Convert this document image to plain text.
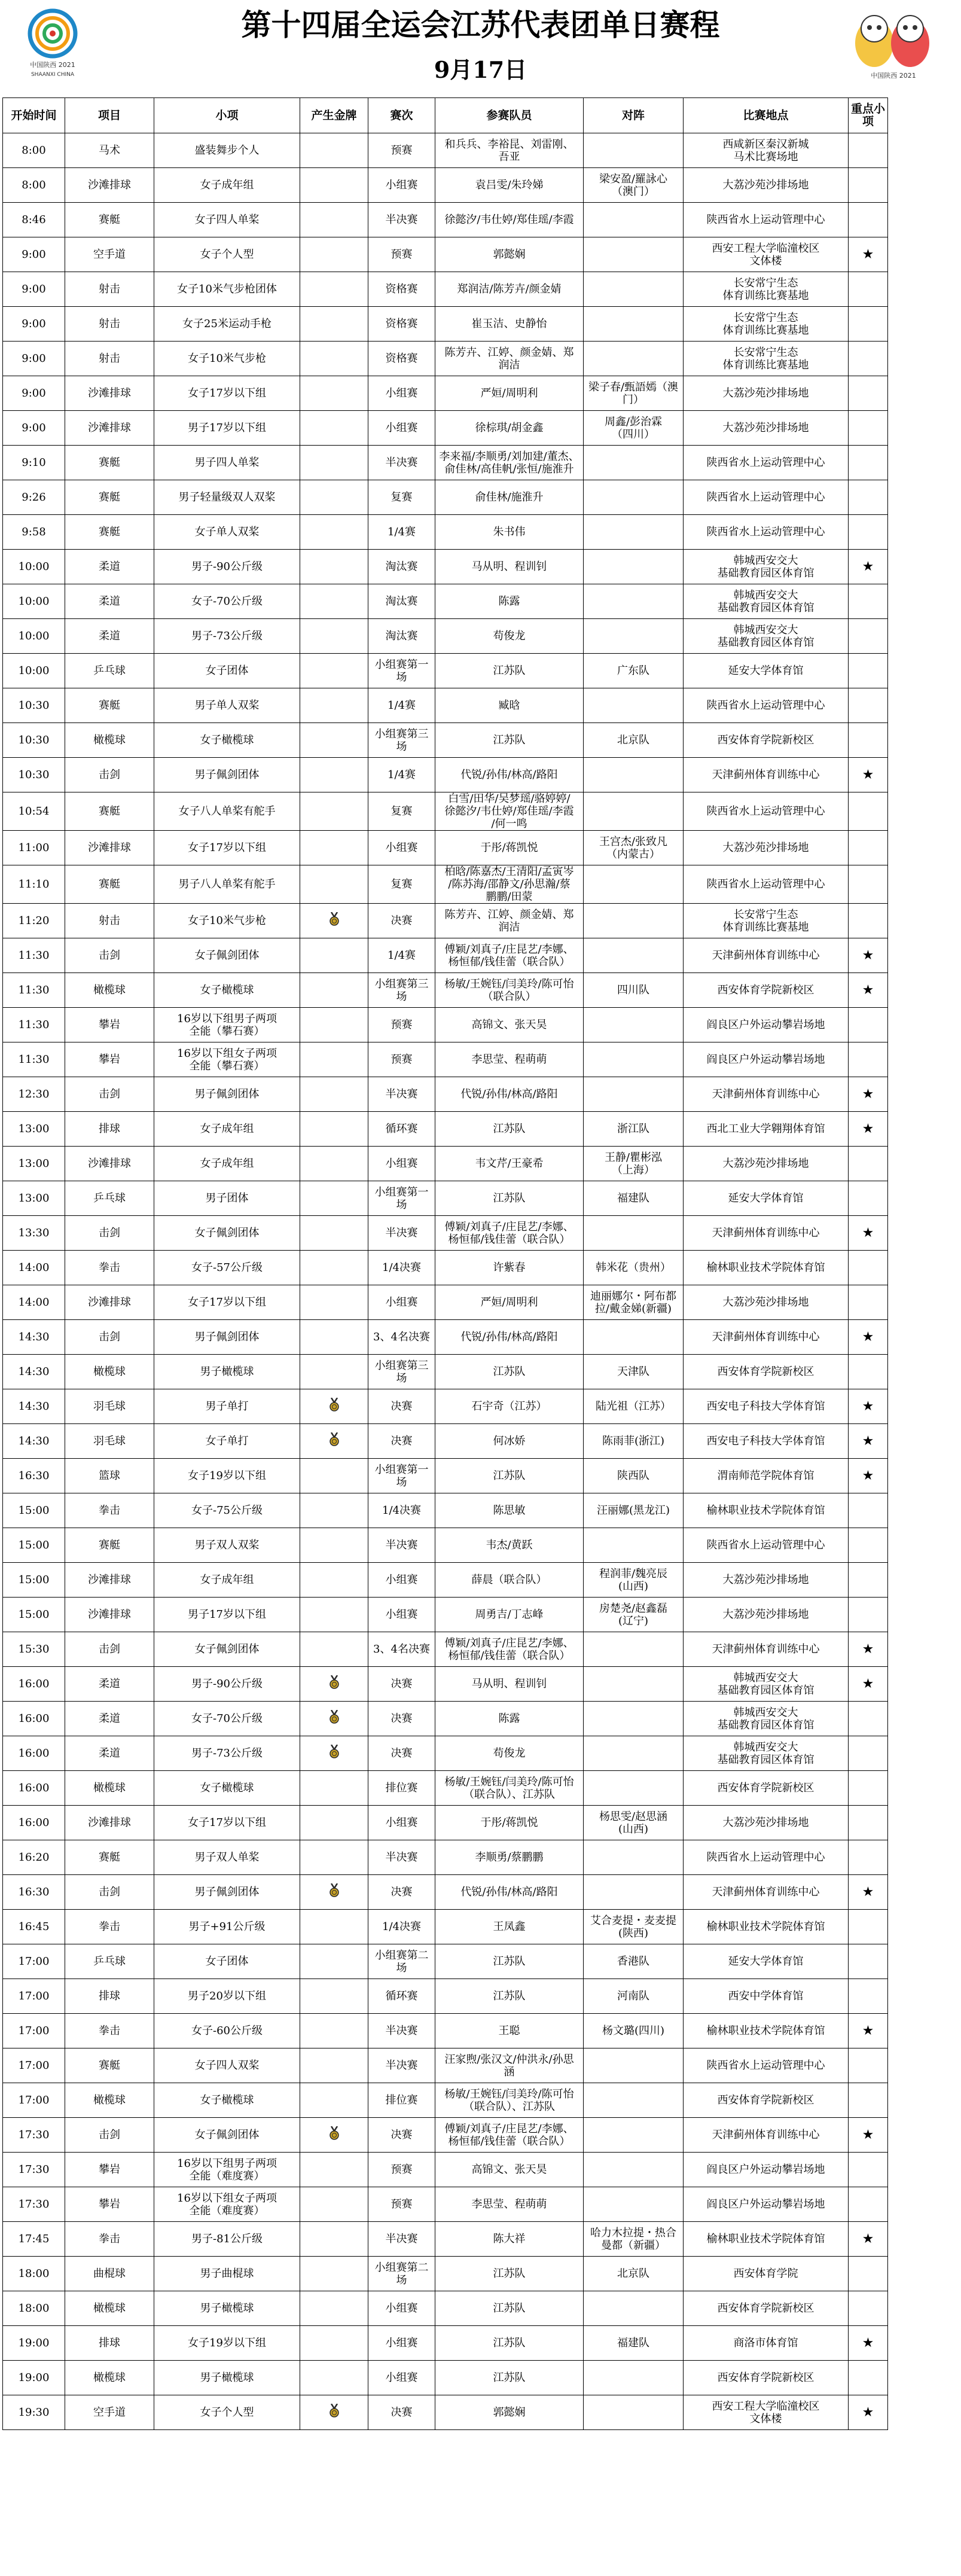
中国陕西 2021
SHAANXI CHINA
第十四届全运会江苏代表团单日赛程
9月17日	中国陕西 2021
开始时间	项目	小项	产生金牌	赛次	参赛队员	对阵	比赛地点	重点小项
8:00	马术	盛装舞步个人		预赛	和兵兵、李裕昆、刘雷刚、
吾亚		西咸新区秦汉新城
马术比赛场地	
8:00	沙滩排球	女子成年组		小组赛	袁吕雯/朱玲娣	梁安盈/羅詠心
（澳门）	大荔沙苑沙排场地	
8:46	赛艇	女子四人单桨		半决赛	徐懿汐/韦仕婷/郑佳瑶/李霞		陕西省水上运动管理中心	
9:00	空手道	女子个人型		预赛	郭懿娴		西安工程大学临潼校区
文体楼	★
9:00	射击	女子10米气步枪团体		资格赛	郑润洁/陈芳卉/颜金婧		长安常宁生态
体育训练比赛基地	
9:00	射击	女子25米运动手枪		资格赛	崔玉洁、史静怡		长安常宁生态
体育训练比赛基地	
9:00	射击	女子10米气步枪		资格赛	陈芳卉、江婷、颜金婧、郑
润洁		长安常宁生态
体育训练比赛基地	
9:00	沙滩排球	女子17岁以下组		小组赛	严姮/周明利	梁子春/甄語嫣（澳
门）	大荔沙苑沙排场地	
9:00	沙滩排球	男子17岁以下组		小组赛	徐棕琪/胡金鑫	周鑫/彭治霖
（四川）	大荔沙苑沙排场地	
9:10	赛艇	男子四人单桨		半决赛	李来福/李顺勇/刘加建/董杰、
俞佳林/高佳帆/张恒/施淮升		陕西省水上运动管理中心	
9:26	赛艇	男子轻量级双人双桨		复赛	俞佳林/施淮升		陕西省水上运动管理中心	
9:58	赛艇	女子单人双桨		1/4赛	朱书伟		陕西省水上运动管理中心	
10:00	柔道	男子-90公斤级		淘汰赛	马从明、程训钊		韩城西安交大
基础教育园区体育馆	★
10:00	柔道	女子-70公斤级		淘汰赛	陈露		韩城西安交大
基础教育园区体育馆	
10:00	柔道	男子-73公斤级		淘汰赛	苟俊龙		韩城西安交大
基础教育园区体育馆	
10:00	乒乓球	女子团体		小组赛第一场	江苏队	广东队	延安大学体育馆	
10:30	赛艇	男子单人双桨		1/4赛	臧晗		陕西省水上运动管理中心	
10:30	橄榄球	女子橄榄球		小组赛第三场	江苏队	北京队	西安体育学院新校区	
10:30	击剑	男子佩剑团体		1/4赛	代锐/孙伟/林高/路阳		天津蓟州体育训练中心	★
10:54	赛艇	女子八人单桨有舵手		复赛	白雪/田华/吴梦瑶/骆婷婷/
徐懿汐/韦仕婷/郑佳瑶/李霞
/何一鸣		陕西省水上运动管理中心	
11:00	沙滩排球	女子17岁以下组		小组赛	于彤/蒋凯悦	王宫杰/张致凡
（内蒙古）	大荔沙苑沙排场地	
11:10	赛艇	男子八人单桨有舵手		复赛	柏晗/陈嘉杰/王清阳/孟寅岑
/陈苏海/邵静文/孙思瀚/蔡
鹏鹏/田蒙		陕西省水上运动管理中心	
11:20	射击	女子10米气步枪		决赛	陈芳卉、江婷、颜金婧、郑
润洁		长安常宁生态
体育训练比赛基地	
11:30	击剑	女子佩剑团体		1/4赛	傅颖/刘真子/庄昆艺/李娜、
杨恒郁/钱佳蕾（联合队）		天津蓟州体育训练中心	★
11:30	橄榄球	女子橄榄球		小组赛第三场	杨敏/王婉钰/闫美玲/陈可怡
（联合队）	四川队	西安体育学院新校区	★
11:30	攀岩	16岁以下组男子两项
全能（攀石赛）		预赛	高锦文、张天昊		阎良区户外运动攀岩场地	
11:30	攀岩	16岁以下组女子两项
全能（攀石赛）		预赛	李思莹、程萌萌		阎良区户外运动攀岩场地	
12:30	击剑	男子佩剑团体		半决赛	代锐/孙伟/林高/路阳		天津蓟州体育训练中心	★
13:00	排球	女子成年组		循环赛	江苏队	浙江队	西北工业大学翱翔体育馆	★
13:00	沙滩排球	女子成年组		小组赛	韦文芹/王豪希	王静/瞿彬泓
（上海）	大荔沙苑沙排场地	
13:00	乒乓球	男子团体		小组赛第一场	江苏队	福建队	延安大学体育馆	
13:30	击剑	女子佩剑团体		半决赛	傅颖/刘真子/庄昆艺/李娜、
杨恒郁/钱佳蕾（联合队）		天津蓟州体育训练中心	★
14:00	拳击	女子-57公斤级		1/4决赛	许紫春	韩米花（贵州）	榆林职业技术学院体育馆	
14:00	沙滩排球	女子17岁以下组		小组赛	严姮/周明利	迪丽娜尔・阿布都
拉/戴金娣(新疆)	大荔沙苑沙排场地	
14:30	击剑	男子佩剑团体		3、4名决赛	代锐/孙伟/林高/路阳		天津蓟州体育训练中心	★
14:30	橄榄球	男子橄榄球		小组赛第三场	江苏队	天津队	西安体育学院新校区	
14:30	羽毛球	男子单打		决赛	石宇奇（江苏）	陆光祖（江苏）	西安电子科技大学体育馆	★
14:30	羽毛球	女子单打		决赛	何冰娇	陈雨菲(浙江)	西安电子科技大学体育馆	★
16:30	篮球	女子19岁以下组		小组赛第一场	江苏队	陕西队	渭南师范学院体育馆	★
15:00	拳击	女子-75公斤级		1/4决赛	陈思敏	汪丽娜(黑龙江)	榆林职业技术学院体育馆	
15:00	赛艇	男子双人双桨		半决赛	韦杰/黄跃		陕西省水上运动管理中心	
15:00	沙滩排球	女子成年组		小组赛	薛晨（联合队）	程润菲/魏亮辰
(山西)	大荔沙苑沙排场地	
15:00	沙滩排球	男子17岁以下组		小组赛	周勇吉/丁志峰	房楚尧/赵鑫磊
(辽宁)	大荔沙苑沙排场地	
15:30	击剑	女子佩剑团体		3、4名决赛	傅颖/刘真子/庄昆艺/李娜、
杨恒郁/钱佳蕾（联合队）		天津蓟州体育训练中心	★
16:00	柔道	男子-90公斤级		决赛	马从明、程训钊		韩城西安交大
基础教育园区体育馆	★
16:00	柔道	女子-70公斤级		决赛	陈露		韩城西安交大
基础教育园区体育馆	
16:00	柔道	男子-73公斤级		决赛	苟俊龙		韩城西安交大
基础教育园区体育馆	
16:00	橄榄球	女子橄榄球		排位赛	杨敏/王婉钰/闫美玲/陈可怡
（联合队）、江苏队		西安体育学院新校区	
16:00	沙滩排球	女子17岁以下组		小组赛	于彤/蒋凯悦	杨思雯/赵思涵
(山西)	大荔沙苑沙排场地	
16:20	赛艇	男子双人单桨		半决赛	李顺勇/蔡鹏鹏		陕西省水上运动管理中心	
16:30	击剑	男子佩剑团体		决赛	代锐/孙伟/林高/路阳		天津蓟州体育训练中心	★
16:45	拳击	男子+91公斤级		1/4决赛	王凤鑫	艾合麦提・麦麦提
(陕西)	榆林职业技术学院体育馆	
17:00	乒乓球	女子团体		小组赛第二场	江苏队	香港队	延安大学体育馆	
17:00	排球	男子20岁以下组		循环赛	江苏队	河南队	西安中学体育馆	
17:00	拳击	女子-60公斤级		半决赛	王聪	杨文璐(四川)	榆林职业技术学院体育馆	★
17:00	赛艇	女子四人双桨		半决赛	汪家煦/张汉文/仲洪永/孙思
涵		陕西省水上运动管理中心	
17:00	橄榄球	女子橄榄球		排位赛	杨敏/王婉钰/闫美玲/陈可怡
（联合队）、江苏队		西安体育学院新校区	
17:30	击剑	女子佩剑团体		决赛	傅颖/刘真子/庄昆艺/李娜、
杨恒郁/钱佳蕾（联合队）		天津蓟州体育训练中心	★
17:30	攀岩	16岁以下组男子两项
全能（难度赛）		预赛	高锦文、张天昊		阎良区户外运动攀岩场地	
17:30	攀岩	16岁以下组女子两项
全能（难度赛）		预赛	李思莹、程萌萌		阎良区户外运动攀岩场地	
17:45	拳击	男子-81公斤级		半决赛	陈大祥	哈力木拉提・热合
曼都（新疆）	榆林职业技术学院体育馆	★
18:00	曲棍球	男子曲棍球		小组赛第二场	江苏队	北京队	西安体育学院	
18:00	橄榄球	男子橄榄球		小组赛	江苏队		西安体育学院新校区	
19:00	排球	女子19岁以下组		小组赛	江苏队	福建队	商洛市体育馆	★
19:00	橄榄球	男子橄榄球		小组赛	江苏队		西安体育学院新校区	
19:30	空手道	女子个人型		决赛	郭懿娴		西安工程大学临潼校区
文体楼	★
